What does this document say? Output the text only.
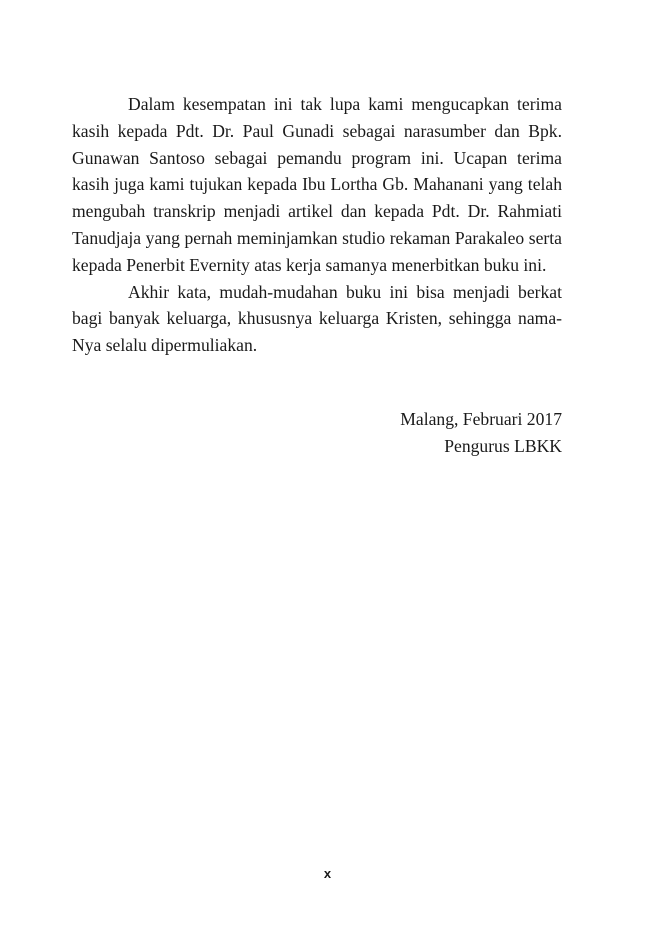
Dalam kesempatan ini tak lupa kami mengucapkan terima kasih kepada Pdt. Dr. Paul Gunadi sebagai narasumber dan Bpk. Gunawan Santoso sebagai pemandu program ini. Ucapan terima kasih juga kami tujukan kepada Ibu Lortha Gb. Mahanani yang telah mengubah transkrip menjadi artikel dan kepada Pdt. Dr. Rahmiati Tanudjaja yang pernah meminjamkan studio rekaman Parakaleo serta kepada Penerbit Evernity atas kerja samanya menerbitkan buku ini.

Akhir kata, mudah-mudahan buku ini bisa menjadi berkat bagi banyak keluarga, khususnya keluarga Kristen, sehingga nama-Nya selalu dipermuliakan.

Malang, Februari 2017
Pengurus LBKK
x
